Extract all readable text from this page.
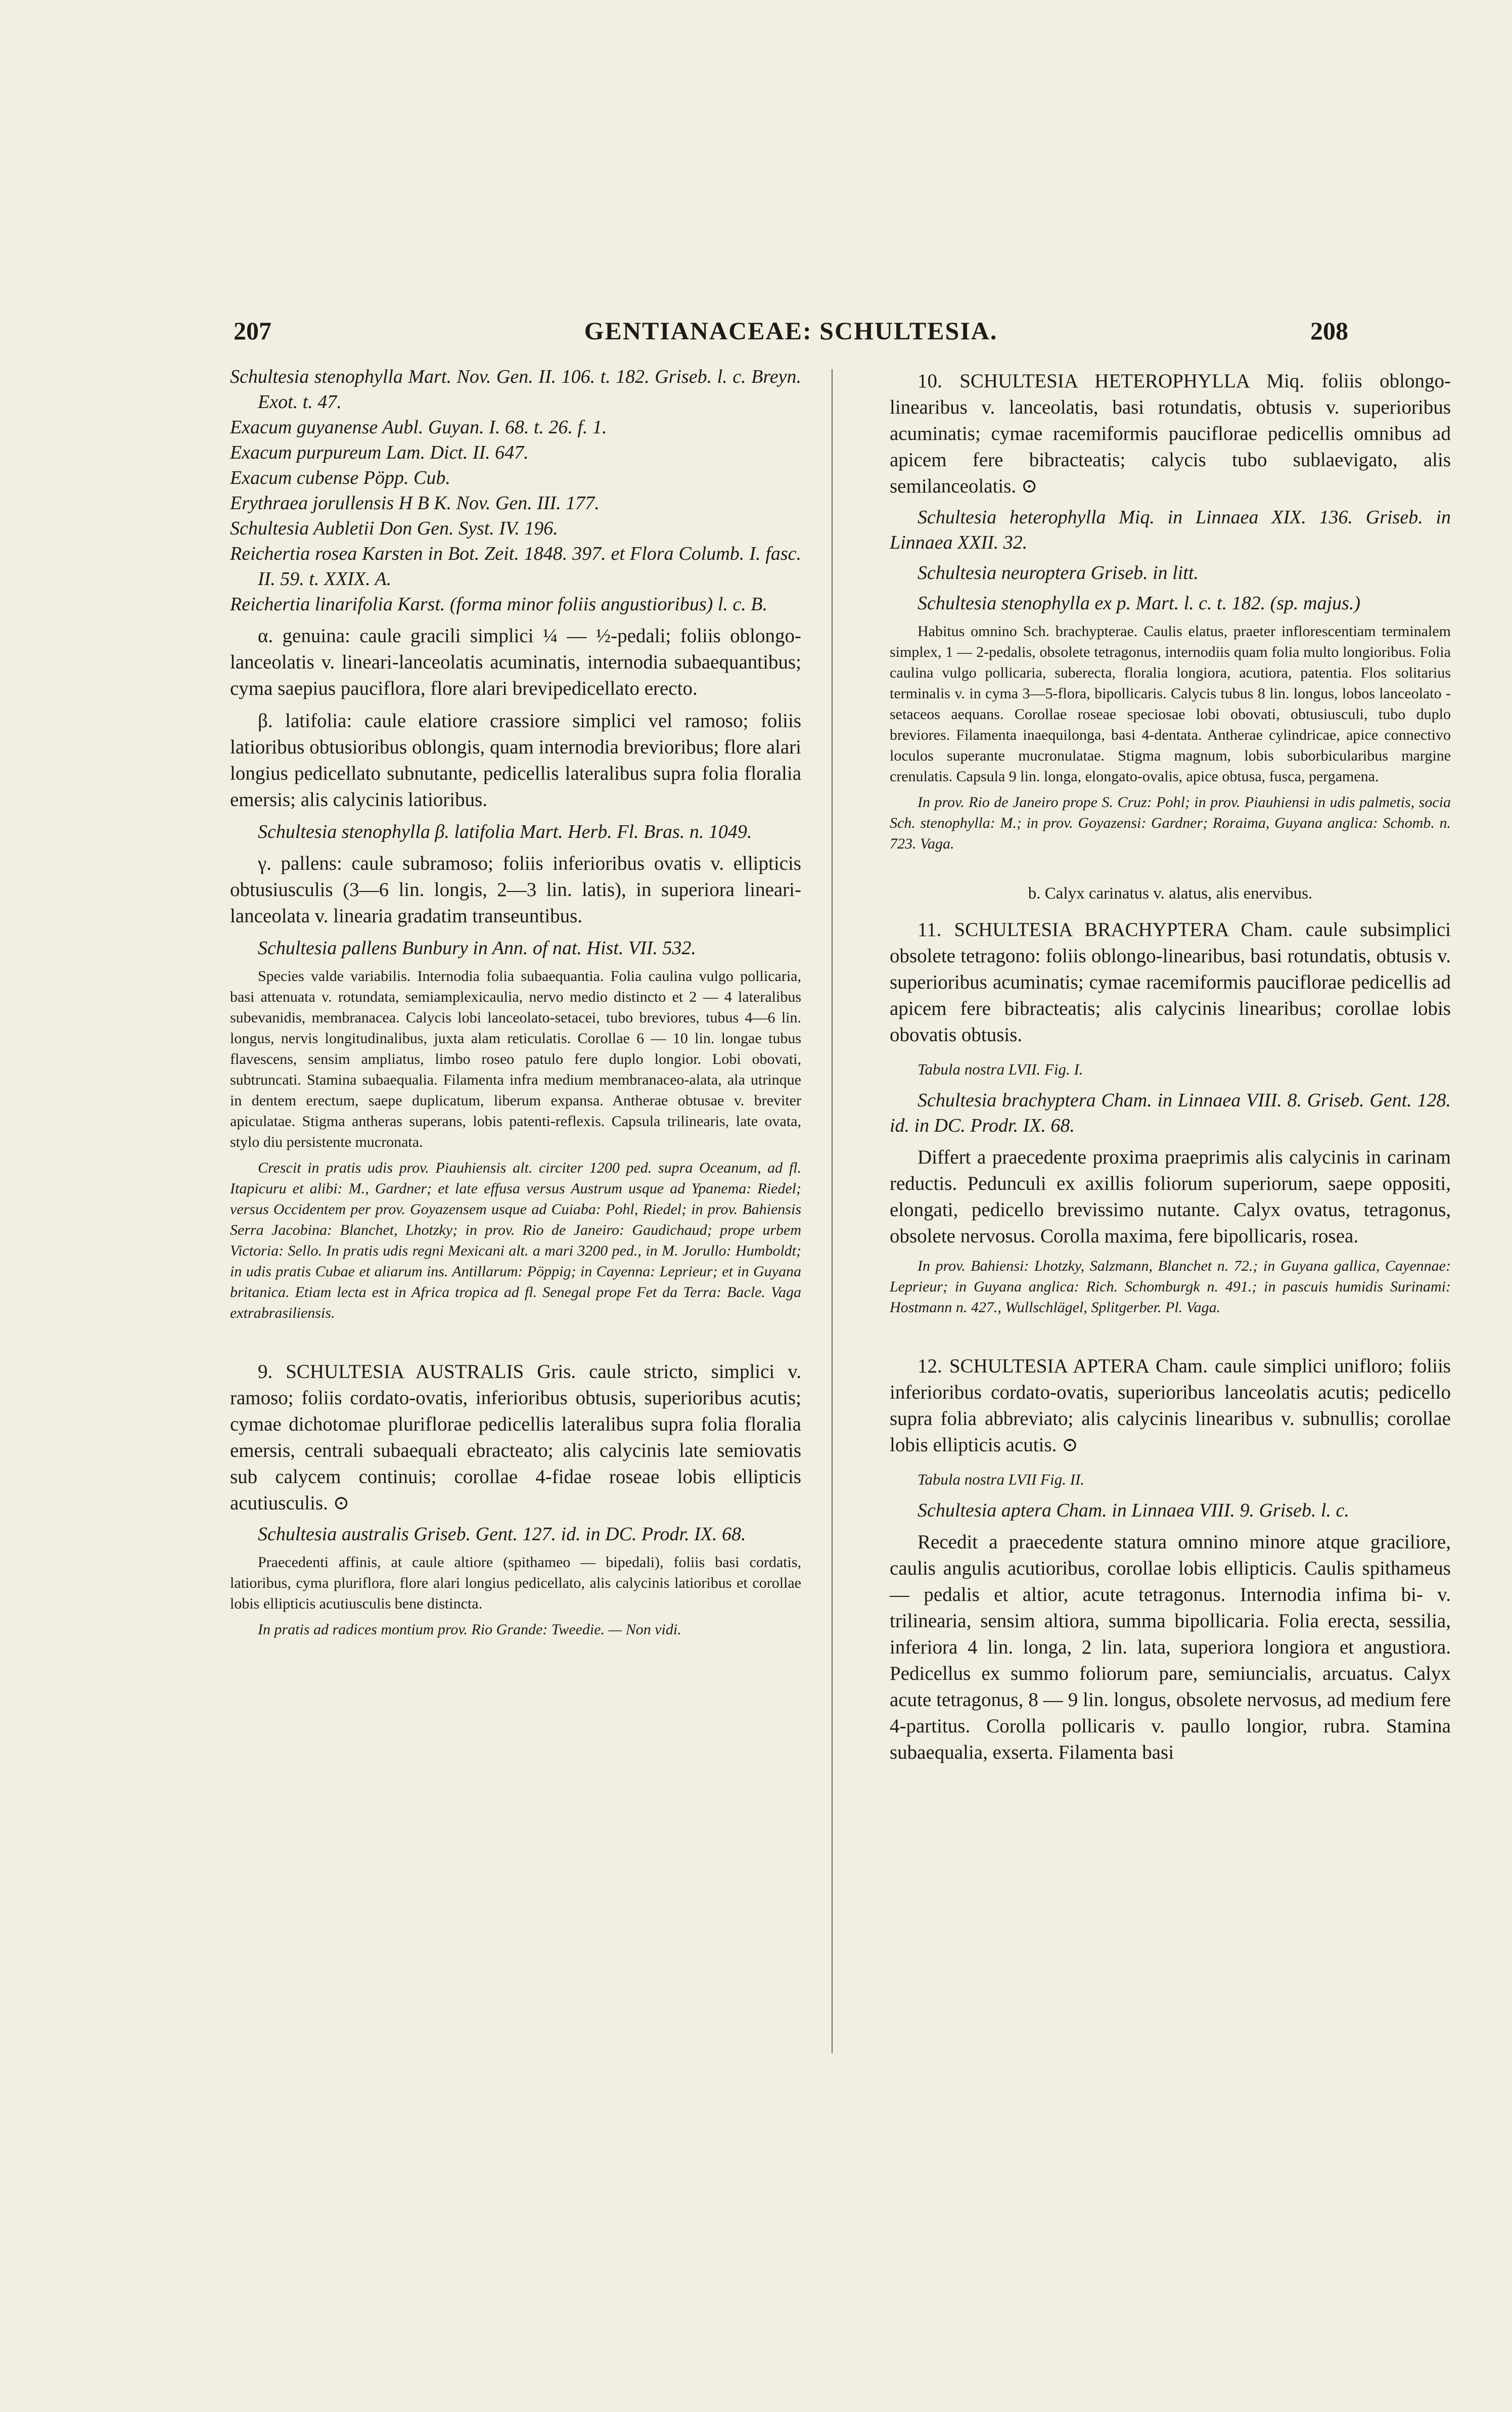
207	GENTIANACEAE: SCHULTESIA.	208

Schultesia stenophylla Mart. Nov. Gen. II. 106. t. 182. Griseb. l. c. Breyn. Exot. t. 47.

Exacum guyanense Aubl. Guyan. I. 68. t. 26. f. 1.

Exacum purpureum Lam. Dict. II. 647.

Exacum cubense Pöpp. Cub.

Erythraea jorullensis H B K. Nov. Gen. III. 177.

Schultesia Aubletii Don Gen. Syst. IV. 196.

Reichertia rosea Karsten in Bot. Zeit. 1848. 397. et Flora Columb. I. fasc. II. 59. t. XXIX. A.

Reichertia linarifolia Karst. (forma minor foliis angustioribus) l. c. B.

α. genuina: caule gracili simplici ¼ — ½-pedali; foliis oblongo-lanceolatis v. lineari-lanceolatis acuminatis, internodia subaequantibus; cyma saepius pauciflora, flore alari brevipedicellato erecto.

β. latifolia: caule elatiore crassiore simplici vel ramoso; foliis latioribus obtusioribus oblongis, quam internodia brevioribus; flore alari longius pedicellato subnutante, pedicellis lateralibus supra folia floralia emersis; alis calycinis latioribus.

Schultesia stenophylla β. latifolia Mart. Herb. Fl. Bras. n. 1049.

γ. pallens: caule subramoso; foliis inferioribus ovatis v. ellipticis obtusiusculis (3—6 lin. longis, 2—3 lin. latis), in superiora lineari-lanceolata v. linearia gradatim transeuntibus.

Schultesia pallens Bunbury in Ann. of nat. Hist. VII. 532.

Species valde variabilis. Internodia folia subaequantia. Folia caulina vulgo pollicaria, basi attenuata v. rotundata, semiamplexicaulia, nervo medio distincto et 2 — 4 lateralibus subevanidis, membranacea. Calycis lobi lanceolato-setacei, tubo breviores, tubus 4—6 lin. longus, nervis longitudinalibus, juxta alam reticulatis. Corollae 6 — 10 lin. longae tubus flavescens, sensim ampliatus, limbo roseo patulo fere duplo longior. Lobi obovati, subtruncati. Stamina subaequalia. Filamenta infra medium membranaceo-alata, ala utrinque in dentem erectum, saepe duplicatum, liberum expansa. Antherae obtusae v. breviter apiculatae. Stigma antheras superans, lobis patenti-reflexis. Capsula trilinearis, late ovata, stylo diu persistente mucronata.

Crescit in pratis udis prov. Piauhiensis alt. circiter 1200 ped. supra Oceanum, ad fl. Itapicuru et alibi: M., Gardner; et late effusa versus Austrum usque ad Ypanema: Riedel; versus Occidentem per prov. Goyazensem usque ad Cuiaba: Pohl, Riedel; in prov. Bahiensis Serra Jacobina: Blanchet, Lhotzky; in prov. Rio de Janeiro: Gaudichaud; prope urbem Victoria: Sello. In pratis udis regni Mexicani alt. a mari 3200 ped., in M. Jorullo: Humboldt; in udis pratis Cubae et aliarum ins. Antillarum: Pöppig; in Cayenna: Leprieur; et in Guyana britanica. Etiam lecta est in Africa tropica ad fl. Senegal prope Fet da Terra: Bacle. Vaga extrabrasiliensis.

9. SCHULTESIA AUSTRALIS Gris. caule stricto, simplici v. ramoso; foliis cordato-ovatis, inferioribus obtusis, superioribus acutis; cymae dichotomae pluriflorae pedicellis lateralibus supra folia floralia emersis, centrali subaequali ebracteato; alis calycinis late semiovatis sub calycem continuis; corollae 4-fidae roseae lobis ellipticis acutiusculis. ⊙

Schultesia australis Griseb. Gent. 127. id. in DC. Prodr. IX. 68.

Praecedenti affinis, at caule altiore (spithameo — bipedali), foliis basi cordatis, latioribus, cyma pluriflora, flore alari longius pedicellato, alis calycinis latioribus et corollae lobis ellipticis acutiusculis bene distincta.

In pratis ad radices montium prov. Rio Grande: Tweedie. — Non vidi.

10. SCHULTESIA HETEROPHYLLA Miq. foliis oblongo-linearibus v. lanceolatis, basi rotundatis, obtusis v. superioribus acuminatis; cymae racemiformis pauciflorae pedicellis omnibus ad apicem fere bibracteatis; calycis tubo sublaevigato, alis semilanceolatis. ⊙

Schultesia heterophylla Miq. in Linnaea XIX. 136. Griseb. in Linnaea XXII. 32.

Schultesia neuroptera Griseb. in litt.

Schultesia stenophylla ex p. Mart. l. c. t. 182. (sp. majus.)

Habitus omnino Sch. brachypterae. Caulis elatus, praeter inflorescentiam terminalem simplex, 1 — 2-pedalis, obsolete tetragonus, internodiis quam folia multo longioribus. Folia caulina vulgo pollicaria, suberecta, floralia longiora, acutiora, patentia. Flos solitarius terminalis v. in cyma 3—5-flora, bipollicaris. Calycis tubus 8 lin. longus, lobos lanceolato - setaceos aequans. Corollae roseae speciosae lobi obovati, obtusiusculi, tubo duplo breviores. Filamenta inaequilonga, basi 4-dentata. Antherae cylindricae, apice connectivo loculos superante mucronulatae. Stigma magnum, lobis suborbicularibus margine crenulatis. Capsula 9 lin. longa, elongato-ovalis, apice obtusa, fusca, pergamena.

In prov. Rio de Janeiro prope S. Cruz: Pohl; in prov. Piauhiensi in udis palmetis, socia Sch. stenophylla: M.; in prov. Goyazensi: Gardner; Roraima, Guyana anglica: Schomb. n. 723. Vaga.

b. Calyx carinatus v. alatus, alis enervibus.

11. SCHULTESIA BRACHYPTERA Cham. caule subsimplici obsolete tetragono: foliis oblongo-linearibus, basi rotundatis, obtusis v. superioribus acuminatis; cymae racemiformis pauciflorae pedicellis ad apicem fere bibracteatis; alis calycinis linearibus; corollae lobis obovatis obtusis.

Tabula nostra LVII. Fig. I.

Schultesia brachyptera Cham. in Linnaea VIII. 8. Griseb. Gent. 128. id. in DC. Prodr. IX. 68.

Differt a praecedente proxima praeprimis alis calycinis in carinam reductis. Pedunculi ex axillis foliorum superiorum, saepe oppositi, elongati, pedicello brevissimo nutante. Calyx ovatus, tetragonus, obsolete nervosus. Corolla maxima, fere bipollicaris, rosea.

In prov. Bahiensi: Lhotzky, Salzmann, Blanchet n. 72.; in Guyana gallica, Cayennae: Leprieur; in Guyana anglica: Rich. Schomburgk n. 491.; in pascuis humidis Surinami: Hostmann n. 427., Wullschlägel, Splitgerber. Pl. Vaga.

12. SCHULTESIA APTERA Cham. caule simplici unifloro; foliis inferioribus cordato-ovatis, superioribus lanceolatis acutis; pedicello supra folia abbreviato; alis calycinis linearibus v. subnullis; corollae lobis ellipticis acutis. ⊙

Tabula nostra LVII Fig. II.

Schultesia aptera Cham. in Linnaea VIII. 9. Griseb. l. c.

Recedit a praecedente statura omnino minore atque graciliore, caulis angulis acutioribus, corollae lobis ellipticis. Caulis spithameus — pedalis et altior, acute tetragonus. Internodia infima bi- v. trilinearia, sensim altiora, summa bipollicaria. Folia erecta, sessilia, inferiora 4 lin. longa, 2 lin. lata, superiora longiora et angustiora. Pedicellus ex summo foliorum pare, semiuncialis, arcuatus. Calyx acute tetragonus, 8 — 9 lin. longus, obsolete nervosus, ad medium fere 4-partitus. Corolla pollicaris v. paullo longior, rubra. Stamina subaequalia, exserta. Filamenta basi
